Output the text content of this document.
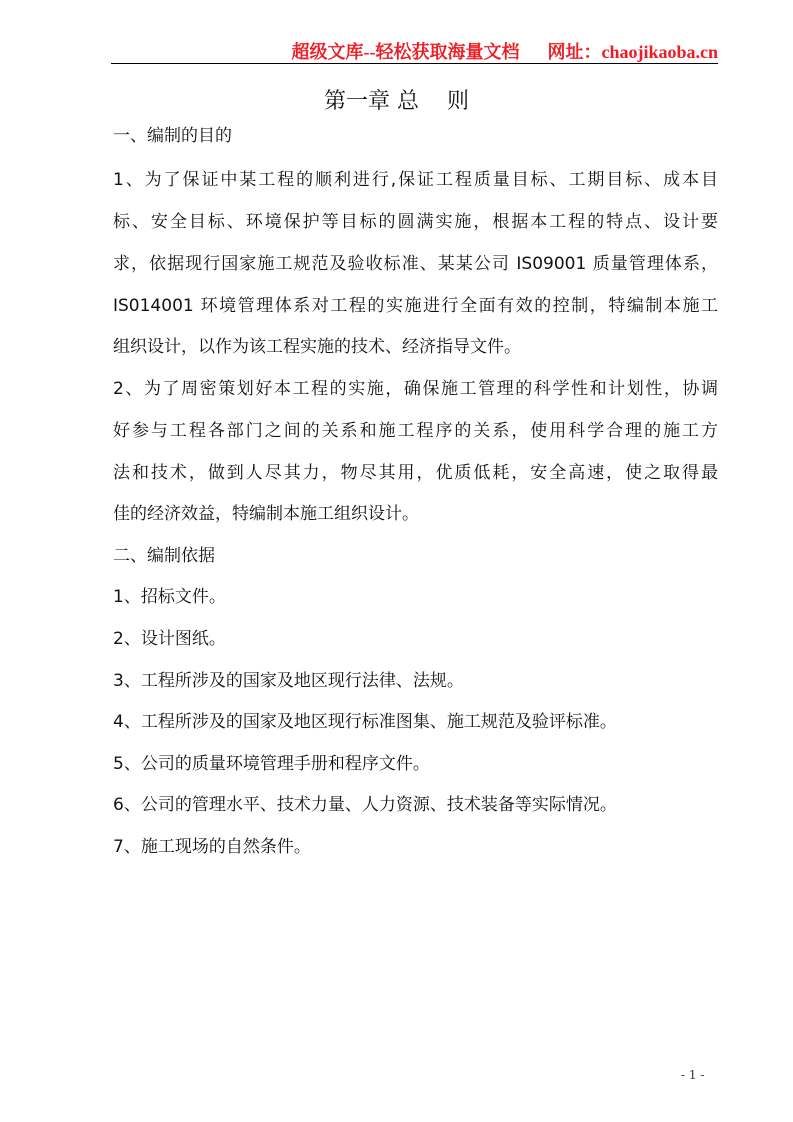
超级文库--轻松获取海量文档 网址：chaojikaoba.cn
第一章 总 则
一、编制的目的
1、为了保证中某工程的顺利进行,保证工程质量目标、工期目标、成本目
标、安全目标、环境保护等目标的圆满实施，根据本工程的特点、设计要
求，依据现行国家施工规范及验收标准、某某公司 IS09001 质量管理体系，
IS014001 环境管理体系对工程的实施进行全面有效的控制，特编制本施工
组织设计，以作为该工程实施的技术、经济指导文件。
2、为了周密策划好本工程的实施，确保施工管理的科学性和计划性，协调
好参与工程各部门之间的关系和施工程序的关系，使用科学合理的施工方
法和技术，做到人尽其力，物尽其用，优质低耗，安全高速，使之取得最
佳的经济效益，特编制本施工组织设计。
二、编制依据
1、招标文件。
2、设计图纸。
3、工程所涉及的国家及地区现行法律、法规。
4、工程所涉及的国家及地区现行标准图集、施工规范及验评标准。
5、公司的质量环境管理手册和程序文件。
6、公司的管理水平、技术力量、人力资源、技术装备等实际情况。
7、施工现场的自然条件。
- 1 -
